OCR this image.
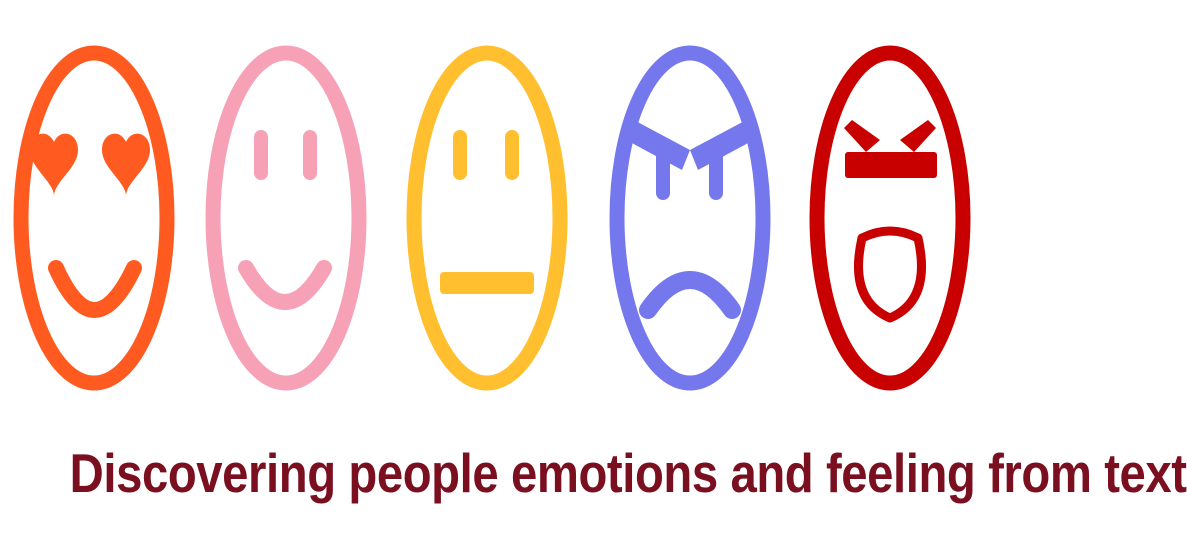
Discovering people emotions and feeling from text
